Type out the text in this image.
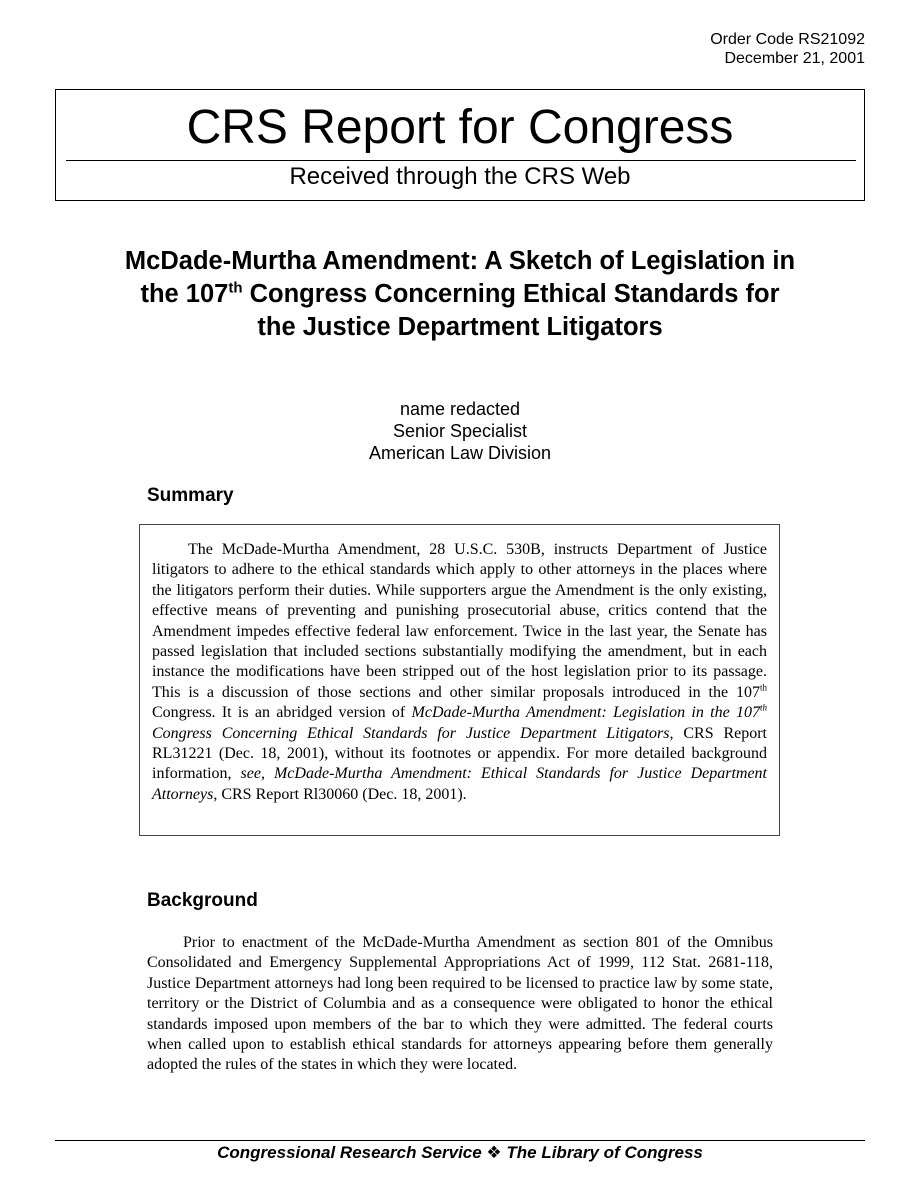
Order Code RS21092
December 21, 2001
CRS Report for Congress
Received through the CRS Web
McDade-Murtha Amendment: A Sketch of Legislation in the 107th Congress Concerning Ethical Standards for the Justice Department Litigators
name redacted
Senior Specialist
American Law Division
Summary

The McDade-Murtha Amendment, 28 U.S.C. 530B, instructs Department of Justice litigators to adhere to the ethical standards which apply to other attorneys in the places where the litigators perform their duties. While supporters argue the Amendment is the only existing, effective means of preventing and punishing prosecutorial abuse, critics contend that the Amendment impedes effective federal law enforcement. Twice in the last year, the Senate has passed legislation that included sections substantially modifying the amendment, but in each instance the modifications have been stripped out of the host legislation prior to its passage. This is a discussion of those sections and other similar proposals introduced in the 107th Congress. It is an abridged version of McDade-Murtha Amendment: Legislation in the 107th Congress Concerning Ethical Standards for Justice Department Litigators, CRS Report RL31221 (Dec. 18, 2001), without its footnotes or appendix. For more detailed background information, see, McDade-Murtha Amendment: Ethical Standards for Justice Department Attorneys, CRS Report Rl30060 (Dec. 18, 2001).

Background

Prior to enactment of the McDade-Murtha Amendment as section 801 of the Omnibus Consolidated and Emergency Supplemental Appropriations Act of 1999, 112 Stat. 2681-118, Justice Department attorneys had long been required to be licensed to practice law by some state, territory or the District of Columbia and as a consequence were obligated to honor the ethical standards imposed upon members of the bar to which they were admitted. The federal courts when called upon to establish ethical standards for attorneys appearing before them generally adopted the rules of the states in which they were located.

Congressional Research Service ❖ The Library of Congress
